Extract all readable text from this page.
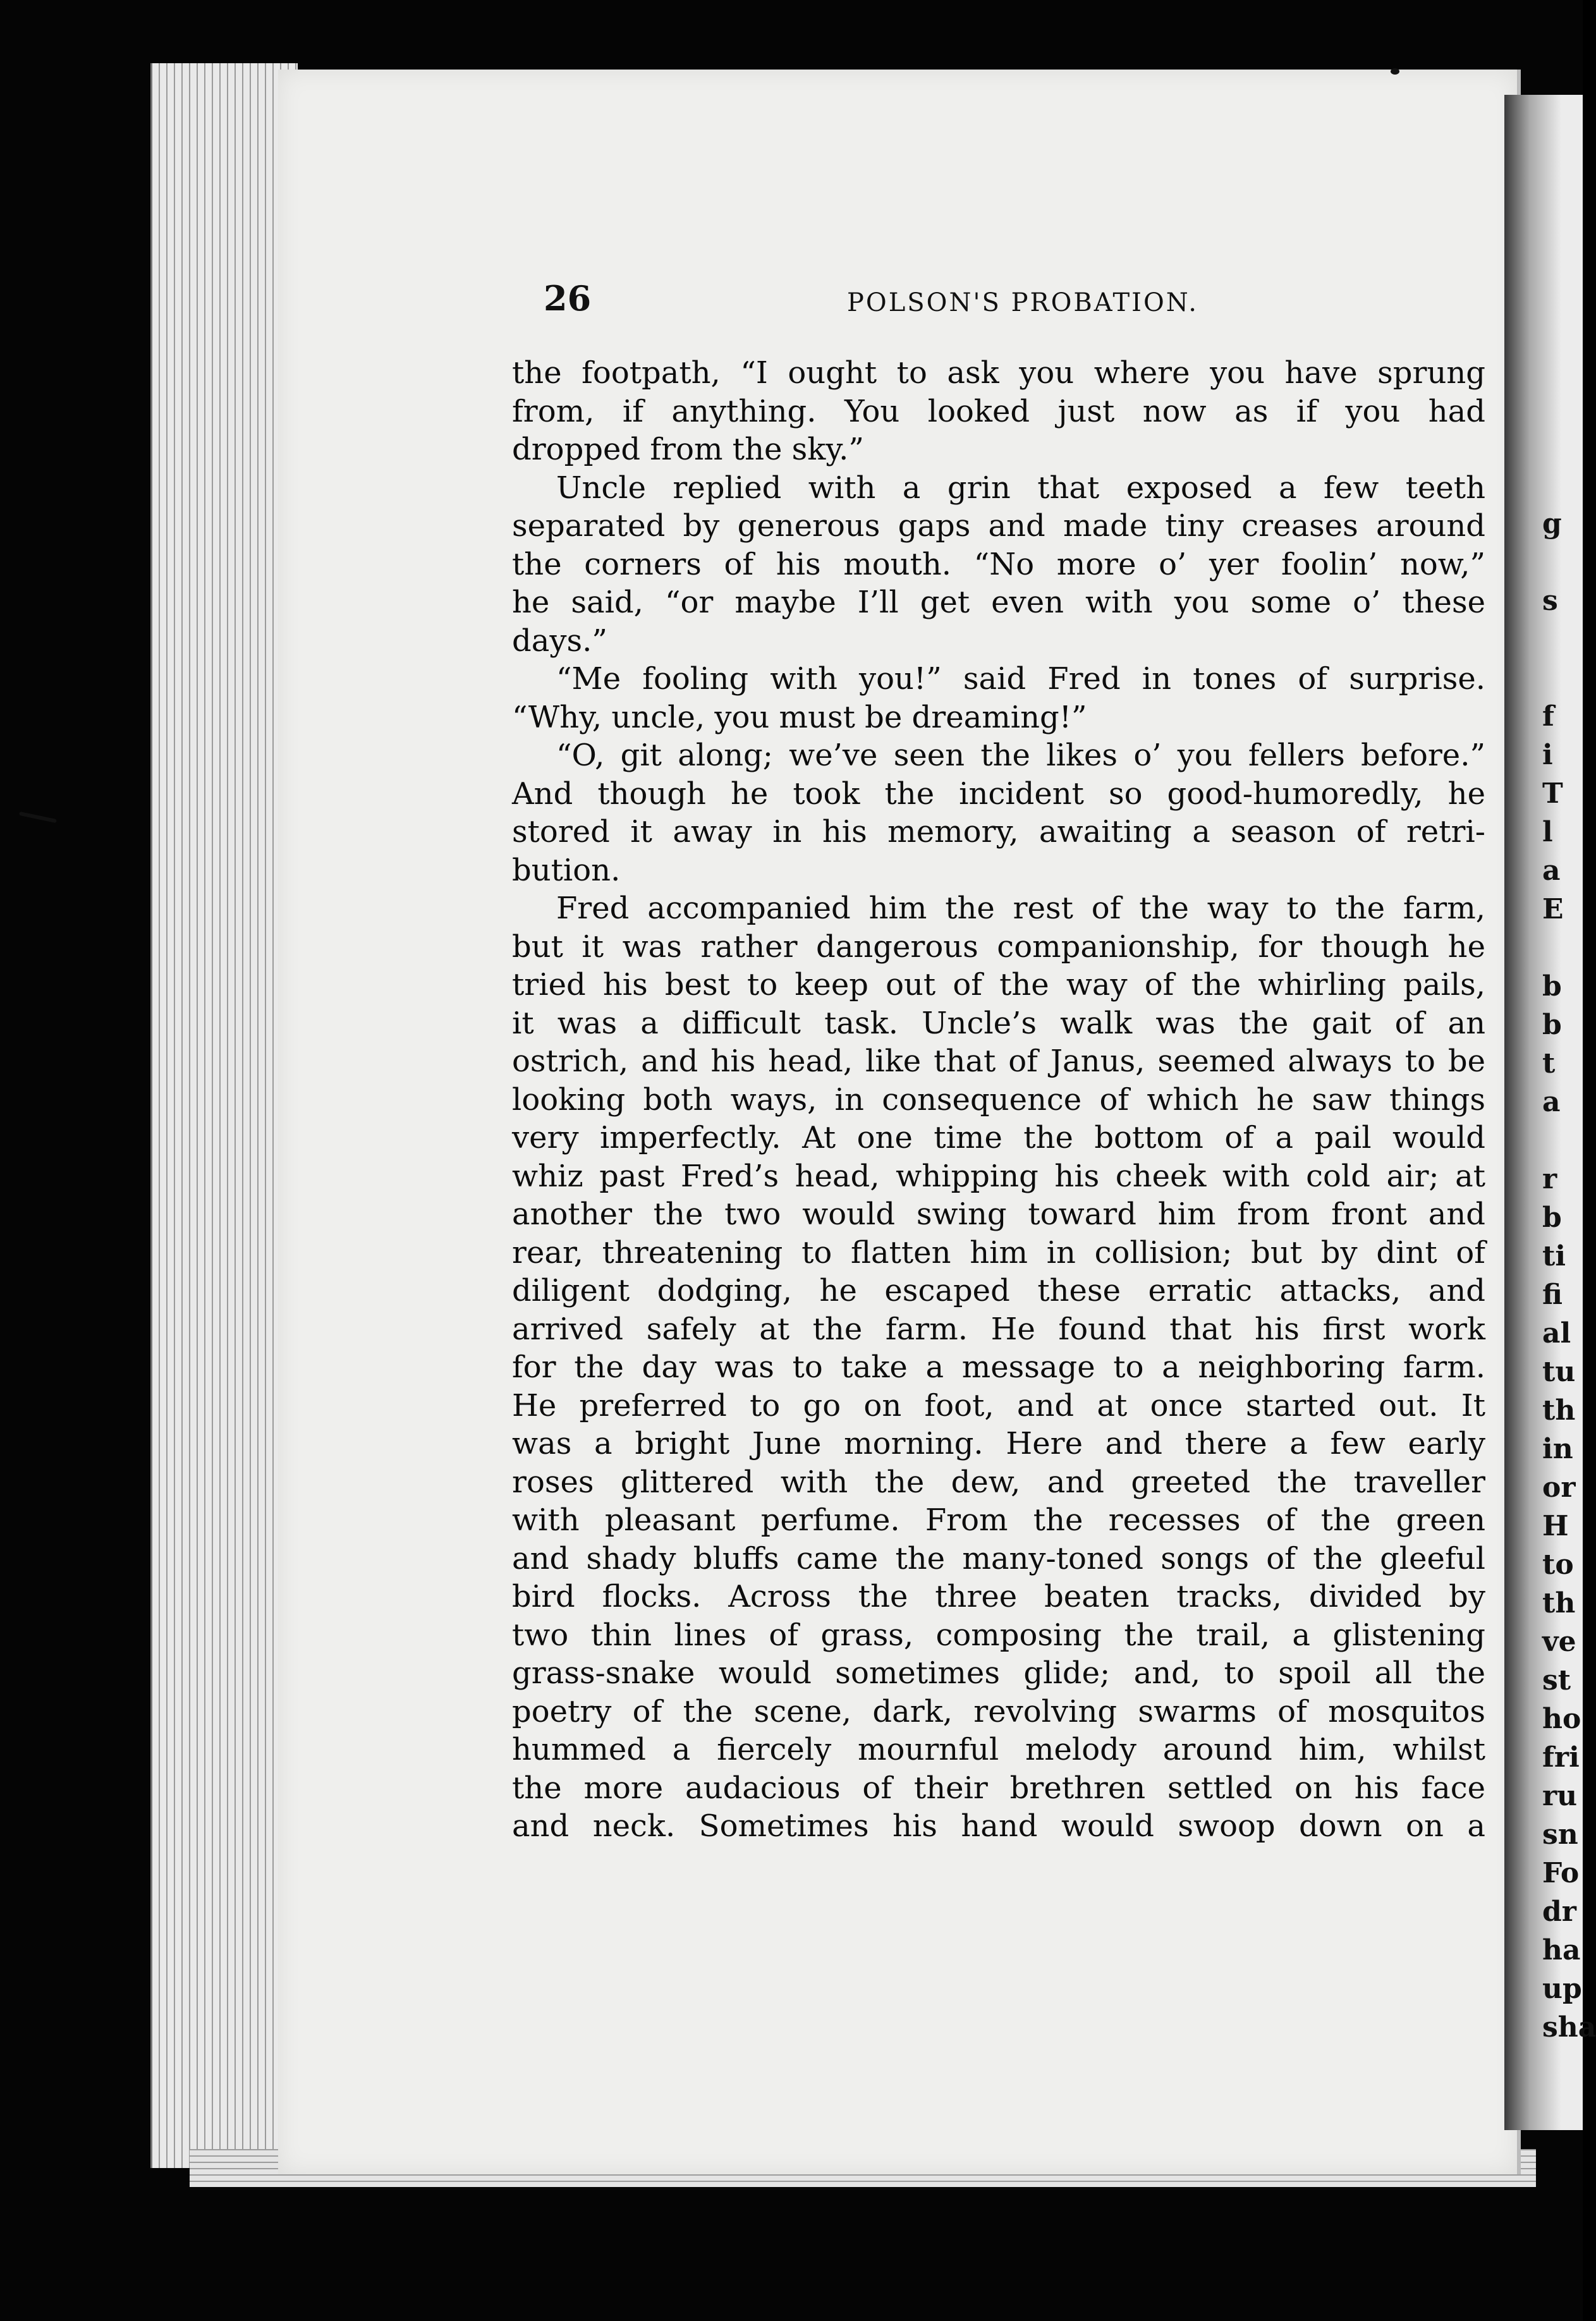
g
s
f
i
T
l
a
E
b
b
t
a
r
b
ti
fi
al
tu
th
in
or
H
to
th
ve
st
ho
fri
ru
sn
Fo
dr
ha
up
sha
26	POLSON'S PROBATION.
the footpath, “I ought to ask you where you have sprung
from, if anything. You looked just now as if you had
dropped from the sky.”
Uncle replied with a grin that exposed a few teeth
separated by generous gaps and made tiny creases around
the corners of his mouth. “No more o’ yer foolin’ now,”
he said, “or maybe I’ll get even with you some o’ these
days.”
“Me fooling with you!” said Fred in tones of surprise.
“Why, uncle, you must be dreaming!”
“O, git along; we’ve seen the likes o’ you fellers before.”
And though he took the incident so good-humoredly, he
stored it away in his memory, awaiting a season of retri-
bution.
Fred accompanied him the rest of the way to the farm,
but it was rather dangerous companionship, for though he
tried his best to keep out of the way of the whirling pails,
it was a difficult task. Uncle’s walk was the gait of an
ostrich, and his head, like that of Janus, seemed always to be
looking both ways, in consequence of which he saw things
very imperfectly. At one time the bottom of a pail would
whiz past Fred’s head, whipping his cheek with cold air; at
another the two would swing toward him from front and
rear, threatening to flatten him in collision; but by dint of
diligent dodging, he escaped these erratic attacks, and
arrived safely at the farm. He found that his first work
for the day was to take a message to a neighboring farm.
He preferred to go on foot, and at once started out. It
was a bright June morning. Here and there a few early
roses glittered with the dew, and greeted the traveller
with pleasant perfume. From the recesses of the green
and shady bluffs came the many-toned songs of the gleeful
bird flocks. Across the three beaten tracks, divided by
two thin lines of grass, composing the trail, a glistening
grass-snake would sometimes glide; and, to spoil all the
poetry of the scene, dark, revolving swarms of mosquitos
hummed a fiercely mournful melody around him, whilst
the more audacious of their brethren settled on his face
and neck. Sometimes his hand would swoop down on a
